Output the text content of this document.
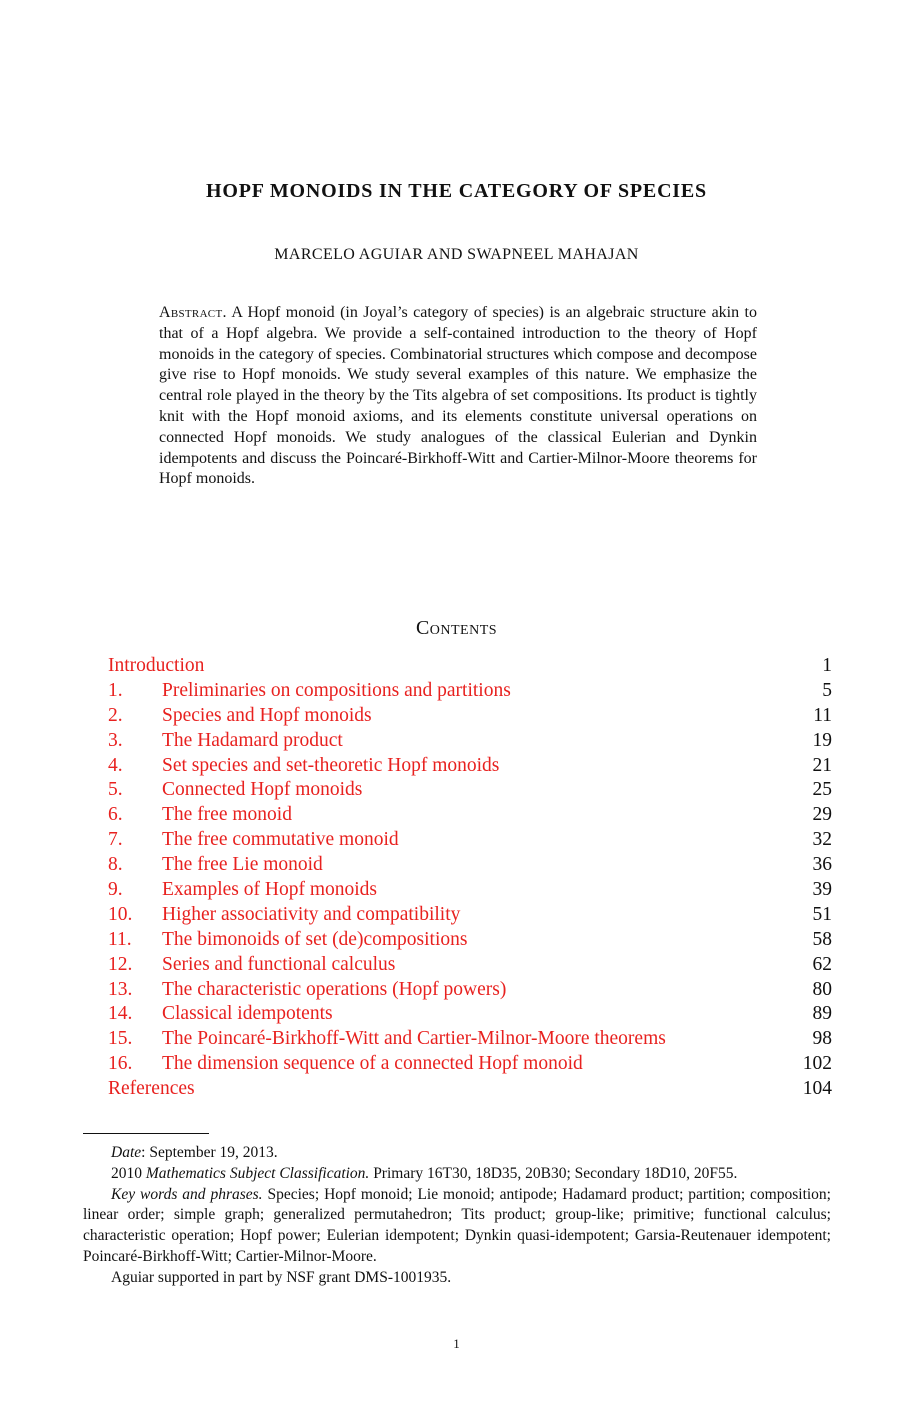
HOPF MONOIDS IN THE CATEGORY OF SPECIES
MARCELO AGUIAR AND SWAPNEEL MAHAJAN
Abstract. A Hopf monoid (in Joyal’s category of species) is an algebraic structure akin to that of a Hopf algebra. We provide a self-contained introduction to the theory of Hopf monoids in the category of species. Combinatorial structures which compose and decompose give rise to Hopf monoids. We study several examples of this nature. We emphasize the central role played in the theory by the Tits algebra of set compositions. Its product is tightly knit with the Hopf monoid axioms, and its elements constitute universal operations on connected Hopf monoids. We study analogues of the classical Eulerian and Dynkin idempotents and discuss the Poincaré-Birkhoff-Witt and Cartier-Milnor-Moore theorems for Hopf monoids.
Contents
Introduction	1
1. Preliminaries on compositions and partitions	5
2. Species and Hopf monoids	11
3. The Hadamard product	19
4. Set species and set-theoretic Hopf monoids	21
5. Connected Hopf monoids	25
6. The free monoid	29
7. The free commutative monoid	32
8. The free Lie monoid	36
9. Examples of Hopf monoids	39
10. Higher associativity and compatibility	51
11. The bimonoids of set (de)compositions	58
12. Series and functional calculus	62
13. The characteristic operations (Hopf powers)	80
14. Classical idempotents	89
15. The Poincaré-Birkhoff-Witt and Cartier-Milnor-Moore theorems	98
16. The dimension sequence of a connected Hopf monoid	102
References	104

Date: September 19, 2013.

2010 Mathematics Subject Classification. Primary 16T30, 18D35, 20B30; Secondary 18D10, 20F55.

Key words and phrases. Species; Hopf monoid; Lie monoid; antipode; Hadamard product; partition; composition; linear order; simple graph; generalized permutahedron; Tits product; group-like; primitive; functional calculus; characteristic operation; Hopf power; Eulerian idempotent; Dynkin quasi-idempotent; Garsia-Reutenauer idempotent; Poincaré-Birkhoff-Witt; Cartier-Milnor-Moore.

Aguiar supported in part by NSF grant DMS-1001935.

1
